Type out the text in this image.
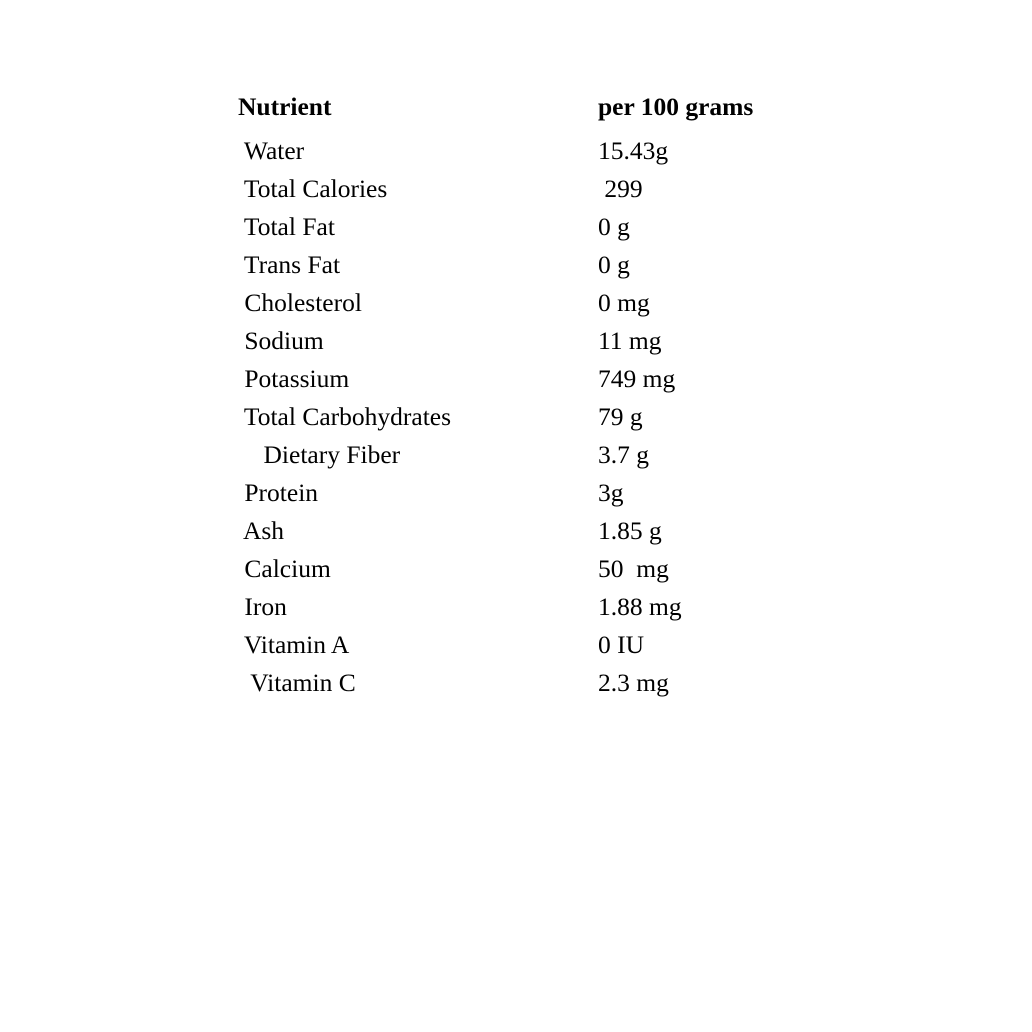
Nutrient	per 100 grams
Water	15.43g
Total Calories	299
Total Fat	0 g
Trans Fat	0 g
Cholesterol	0 mg
Sodium	11 mg
Potassium	749 mg
Total Carbohydrates	79 g
Dietary Fiber	3.7 g
Protein	3g
Ash	1.85 g
Calcium	50  mg
Iron	1.88 mg
Vitamin A	0 IU
Vitamin C	2.3 mg
